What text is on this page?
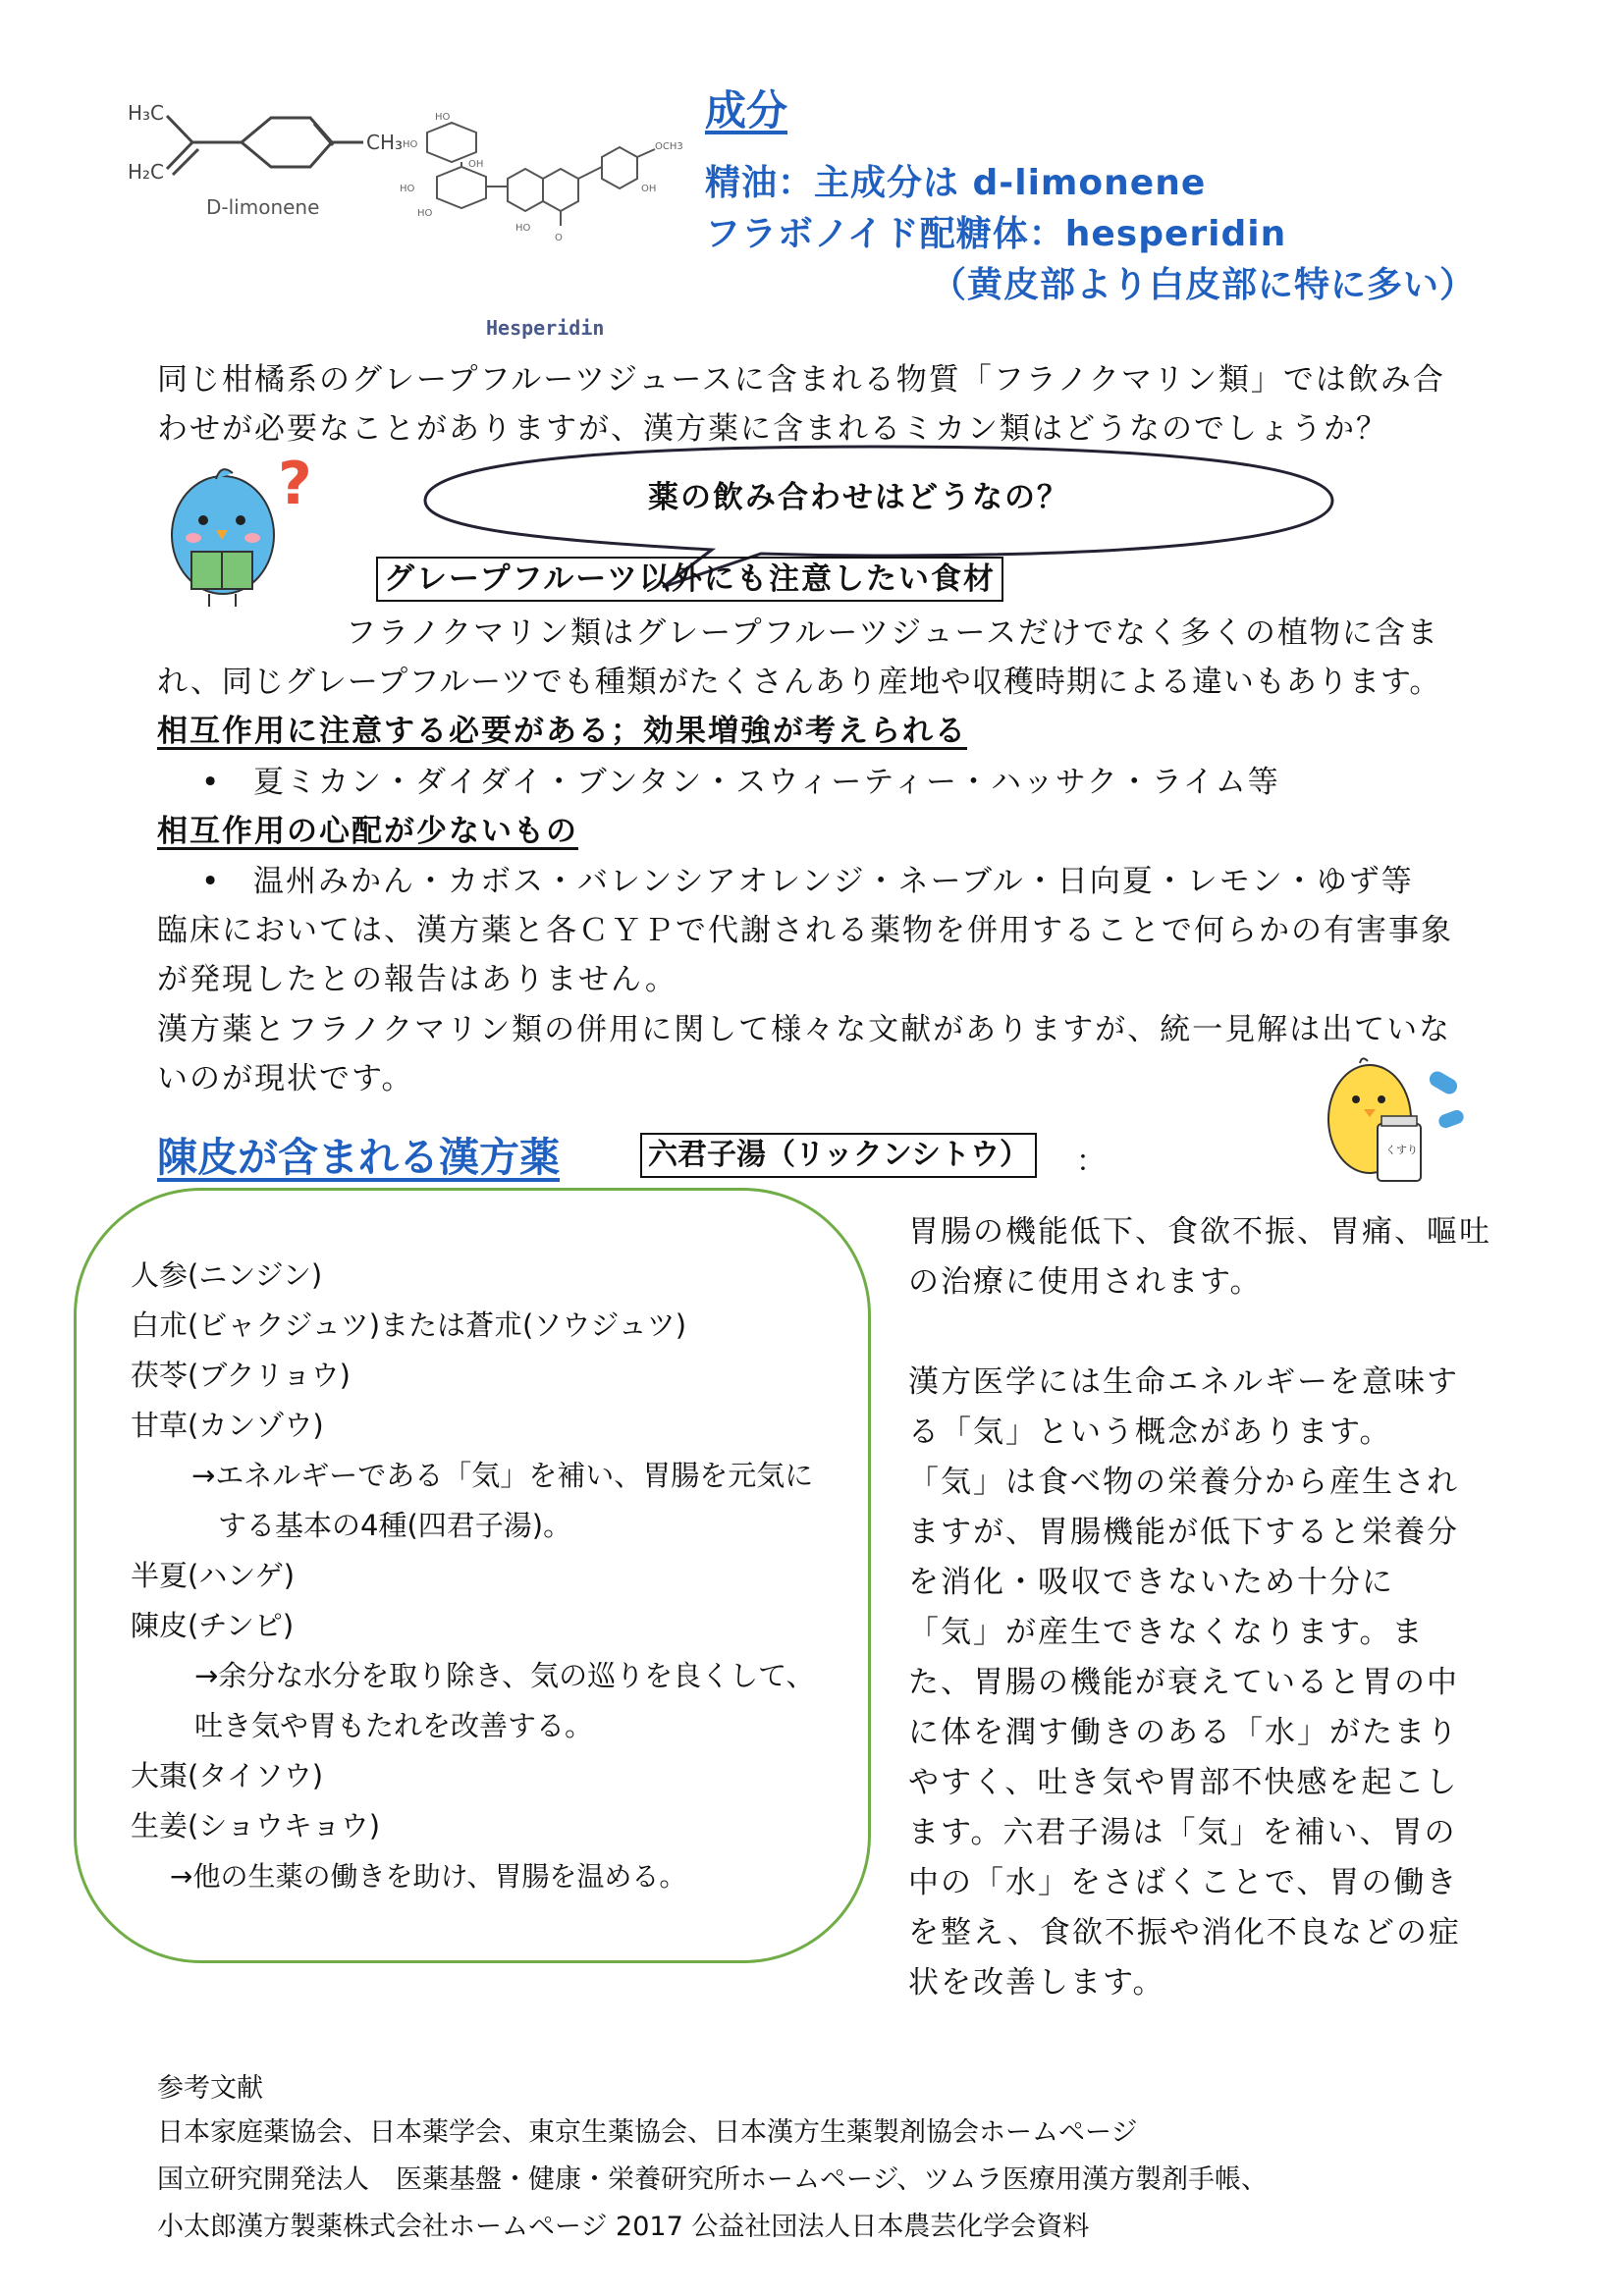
H₃C
H₂C
CH₃
D-limonene
HO
HO
OH
HO
HO
HO
O
OH
OCH3
Hesperidin
成分
精油：主成分は d-limonene
フラボノイド配糖体：hesperidin
（黄皮部より白皮部に特に多い）
同じ柑橘系のグレープフルーツジュースに含まれる物質「フラノクマリン類」では飲み合
わせが必要なことがありますが、漢方薬に含まれるミカン類はどうなのでしょうか？
?	薬の飲み合わせはどうなの？
グレープフルーツ以外にも注意したい食材
フラノクマリン類はグレープフルーツジュースだけでなく多くの植物に含ま
れ、同じグレープフルーツでも種類がたくさんあり産地や収穫時期による違いもあります。
相互作用に注意する必要がある；効果増強が考えられる
• 夏ミカン・ダイダイ・ブンタン・スウィーティー・ハッサク・ライム等
相互作用の心配が少ないもの
• 温州みかん・カボス・バレンシアオレンジ・ネーブル・日向夏・レモン・ゆず等
臨床においては、漢方薬と各ＣＹＰで代謝される薬物を併用することで何らかの有害事象
が発現したとの報告はありません。
漢方薬とフラノクマリン類の併用に関して様々な文献がありますが、統一見解は出ていな
いのが現状です。
陳皮が含まれる漢方薬	六君子湯（リックンシトウ） ：	くすり
人参(ニンジン)
白朮(ビャクジュツ)または蒼朮(ソウジュツ)
茯苓(ブクリョウ)
甘草(カンゾウ)
→エネルギーである「気」を補い、胃腸を元気に
する基本の4種(四君子湯)。
半夏(ハンゲ)
陳皮(チンピ)
→余分な水分を取り除き、気の巡りを良くして、
吐き気や胃もたれを改善する。
大棗(タイソウ)
生姜(ショウキョウ)
→他の生薬の働きを助け、胃腸を温める。
胃腸の機能低下、食欲不振、胃痛、嘔吐
の治療に使用されます。
漢方医学には生命エネルギーを意味す
る「気」という概念があります。
「気」は食べ物の栄養分から産生され
ますが、胃腸機能が低下すると栄養分
を消化・吸収できないため十分に
「気」が産生できなくなります。ま
た、胃腸の機能が衰えていると胃の中
に体を潤す働きのある「水」がたまり
やすく、吐き気や胃部不快感を起こし
ます。六君子湯は「気」を補い、胃の
中の「水」をさばくことで、胃の働き
を整え、食欲不振や消化不良などの症
状を改善します。
参考文献
日本家庭薬協会、日本薬学会、東京生薬協会、日本漢方生薬製剤協会ホームページ
国立研究開発法人　医薬基盤・健康・栄養研究所ホームページ、ツムラ医療用漢方製剤手帳、
小太郎漢方製薬株式会社ホームページ 2017 公益社団法人日本農芸化学会資料
